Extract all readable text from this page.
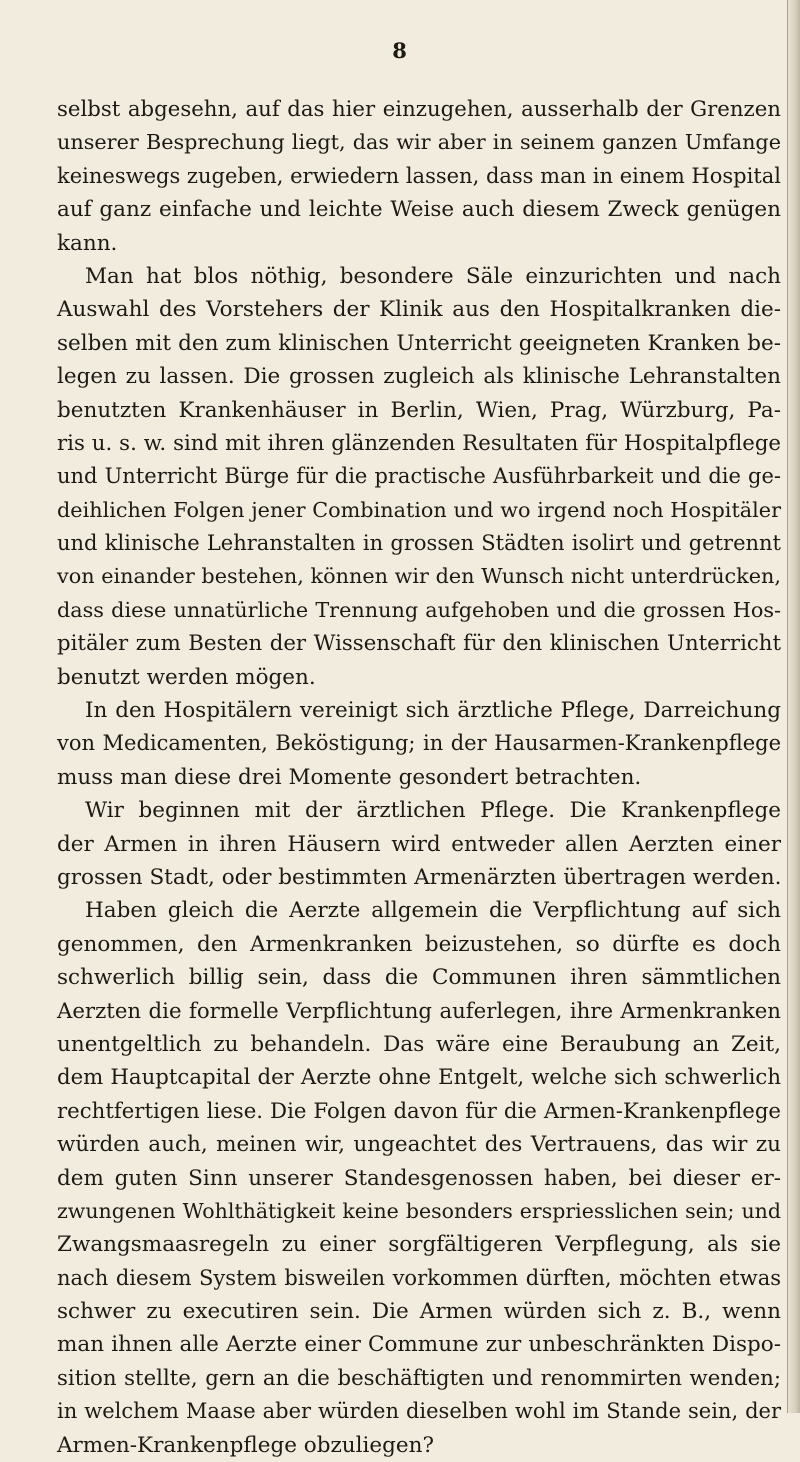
8
selbst abgesehn, auf das hier einzugehen, ausserhalb der Grenzen
unserer Besprechung liegt, das wir aber in seinem ganzen Umfange
keineswegs zugeben, erwiedern lassen, dass man in einem Hospital
auf ganz einfache und leichte Weise auch diesem Zweck genügen
kann.
Man hat blos nöthig, besondere Säle einzurichten und nach
Auswahl des Vorstehers der Klinik aus den Hospitalkranken die-
selben mit den zum klinischen Unterricht geeigneten Kranken be-
legen zu lassen. Die grossen zugleich als klinische Lehranstalten
benutzten Krankenhäuser in Berlin, Wien, Prag, Würzburg, Pa-
ris u. s. w. sind mit ihren glänzenden Resultaten für Hospitalpflege
und Unterricht Bürge für die practische Ausführbarkeit und die ge-
deihlichen Folgen jener Combination und wo irgend noch Hospitäler
und klinische Lehranstalten in grossen Städten isolirt und getrennt
von einander bestehen, können wir den Wunsch nicht unterdrücken,
dass diese unnatürliche Trennung aufgehoben und die grossen Hos-
pitäler zum Besten der Wissenschaft für den klinischen Unterricht
benutzt werden mögen.
In den Hospitälern vereinigt sich ärztliche Pflege, Darreichung
von Medicamenten, Beköstigung; in der Hausarmen-Krankenpflege
muss man diese drei Momente gesondert betrachten.
Wir beginnen mit der ärztlichen Pflege. Die Krankenpflege
der Armen in ihren Häusern wird entweder allen Aerzten einer
grossen Stadt, oder bestimmten Armenärzten übertragen werden.
Haben gleich die Aerzte allgemein die Verpflichtung auf sich
genommen, den Armenkranken beizustehen, so dürfte es doch
schwerlich billig sein, dass die Communen ihren sämmtlichen
Aerzten die formelle Verpflichtung auferlegen, ihre Armenkranken
unentgeltlich zu behandeln. Das wäre eine Beraubung an Zeit,
dem Hauptcapital der Aerzte ohne Entgelt, welche sich schwerlich
rechtfertigen liese. Die Folgen davon für die Armen-Krankenpflege
würden auch, meinen wir, ungeachtet des Vertrauens, das wir zu
dem guten Sinn unserer Standesgenossen haben, bei dieser er-
zwungenen Wohlthätigkeit keine besonders erspriesslichen sein; und
Zwangsmaasregeln zu einer sorgfältigeren Verpflegung, als sie
nach diesem System bisweilen vorkommen dürften, möchten etwas
schwer zu executiren sein. Die Armen würden sich z. B., wenn
man ihnen alle Aerzte einer Commune zur unbeschränkten Dispo-
sition stellte, gern an die beschäftigten und renommirten wenden;
in welchem Maase aber würden dieselben wohl im Stande sein, der
Armen-Krankenpflege obzuliegen?
